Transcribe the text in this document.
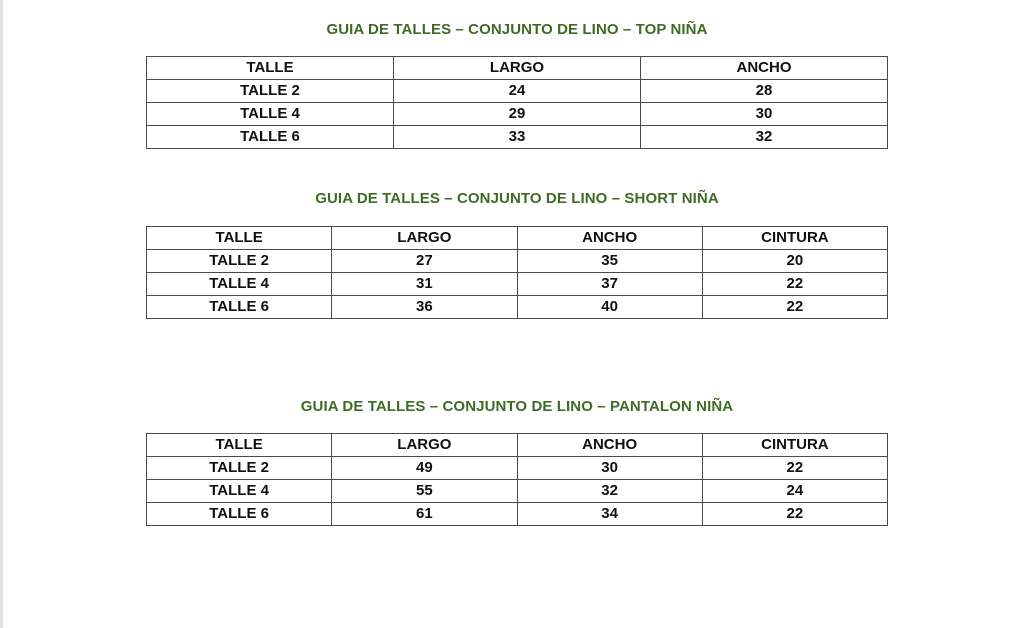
GUIA DE TALLES – CONJUNTO DE LINO – TOP NIÑA
TALLE	LARGO	ANCHO
TALLE 2	24	28
TALLE 4	29	30
TALLE 6	33	32
GUIA DE TALLES – CONJUNTO DE LINO – SHORT NIÑA
TALLE	LARGO	ANCHO	CINTURA
TALLE 2	27	35	20
TALLE 4	31	37	22
TALLE 6	36	40	22
GUIA DE TALLES – CONJUNTO DE LINO – PANTALON NIÑA
TALLE	LARGO	ANCHO	CINTURA
TALLE 2	49	30	22
TALLE 4	55	32	24
TALLE 6	61	34	22
